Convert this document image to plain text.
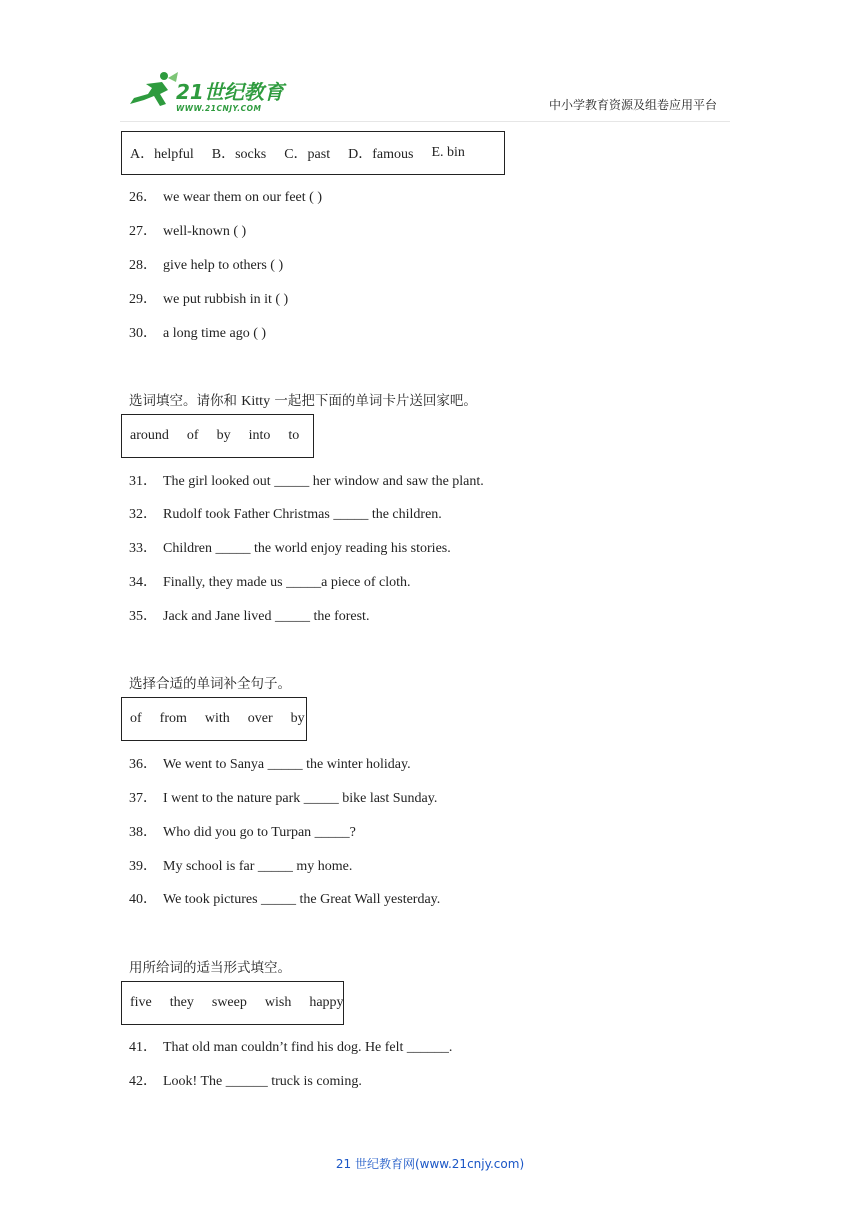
21世纪教育
WWW.21CNJY.COM	中小学教育资源及组卷应用平台
A．helpful B．socks C．past D．famous E. bin
26． we wear them on our feet ( )
27． well-known ( )
28． give help to others ( )
29． we put rubbish in it ( )
30． a long time ago ( )
选词填空。请你和 Kitty 一起把下面的单词卡片送回家吧。
around of by into to
31． The girl looked out _____ her window and saw the plant.
32． Rudolf took Father Christmas _____ the children.
33． Children _____ the world enjoy reading his stories.
34． Finally, they made us _____a piece of cloth.
35． Jack and Jane lived _____ the forest.
选择合适的单词补全句子。
of from with over by
36． We went to Sanya _____ the winter holiday.
37． I went to the nature park _____ bike last Sunday.
38． Who did you go to Turpan _____?
39． My school is far _____ my home.
40． We took pictures _____ the Great Wall yesterday.
用所给词的适当形式填空。
five they sweep wish happy
41． That old man couldn’t find his dog. He felt ______.
42． Look! The ______ truck is coming.
21 世纪教育网(www.21cnjy.com)
